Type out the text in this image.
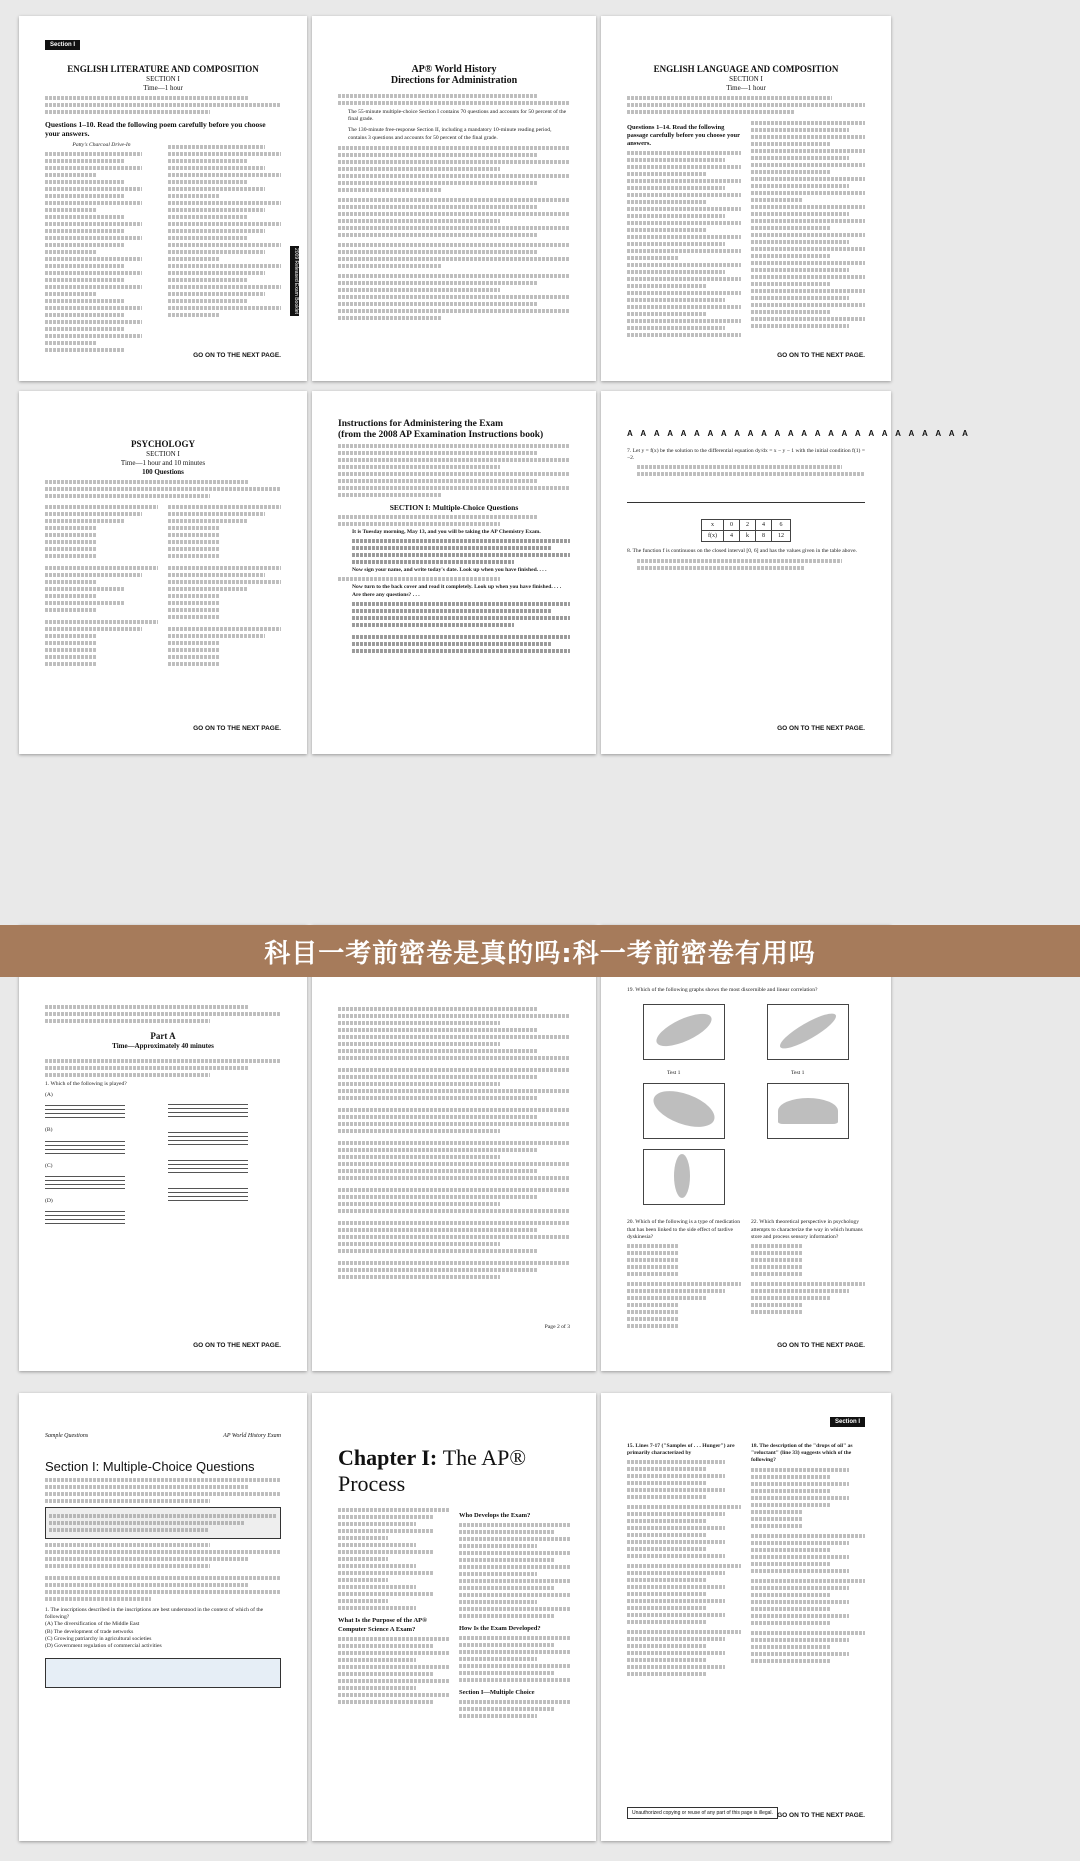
Section I
ENGLISH LITERATURE AND COMPOSITION
SECTION I
Time—1 hour
Questions 1–10. Read the following poem carefully before you choose your answers.
Patty's Charcoal Drive-In
2009 Released Exam Booklet
GO ON TO THE NEXT PAGE.
AP® World History
Directions for Administration
The 55-minute multiple-choice Section I contains 70 questions and accounts for 50 percent of the final grade.
The 130-minute free-response Section II, including a mandatory 10-minute reading period, contains 3 questions and accounts for 50 percent of the final grade.
ENGLISH LANGUAGE AND COMPOSITION
SECTION I
Time—1 hour
Questions 1–14. Read the following passage carefully before you choose your answers.
GO ON TO THE NEXT PAGE.
PSYCHOLOGY
SECTION I
Time—1 hour and 10 minutes
100 Questions
GO ON TO THE NEXT PAGE.
Instructions for Administering the Exam
(from the 2008 AP Examination Instructions book)
SECTION I: Multiple-Choice Questions
It is Tuesday morning, May 13, and you will be taking the AP Chemistry Exam.
Now sign your name, and write today's date. Look up when you have finished. . . .
Now turn to the back cover and read it completely. Look up when you have finished. . . .
Are there any questions? . . .
A A A A A A A A A A A A A A A A A A A A A A A A A A
7. Let y = f(x) be the solution to the differential equation dy/dx = x − y − 1 with the initial condition f(1) = −2.
x	0	2	4	6
f(x)	4	k	8	12
8. The function f is continuous on the closed interval [0, 6] and has the values given in the table above.
GO ON TO THE NEXT PAGE.
Part A
Time—Approximately 40 minutes
1. Which of the following is played?
(A)
(B)
(C)
(D)
GO ON TO THE NEXT PAGE.
Page 2 of 3
19. Which of the following graphs shows the most discernible and linear correlation?
Test 1	Test 1
20. Which of the following is a type of medication that has been linked to the side effect of tardive dyskinesia?
22. Which theoretical perspective in psychology attempts to characterize the way in which humans store and process sensory information?
GO ON TO THE NEXT PAGE.
Sample Questions	AP World History Exam
Section I: Multiple-Choice Questions
1. The inscriptions described in the inscriptions are best understood in the context of which of the following?
(A) The diversification of the Middle East
(B) The development of trade networks
(C) Growing patriarchy in agricultural societies
(D) Government regulation of commercial activities
Chapter I: The AP® Process
What Is the Purpose of the AP® Computer Science A Exam?
Who Develops the Exam?
How Is the Exam Developed?
Section I—Multiple Choice
Section I
15. Lines 7-17 ("Samples of . . . Hunger") are primarily characterized by
18. The description of the "drops of oil" as "reluctant" (line 33) suggests which of the following?
Unauthorized copying or reuse of any part of this page is illegal. GO ON TO THE NEXT PAGE.
科目一考前密卷是真的吗:科一考前密卷有用吗
